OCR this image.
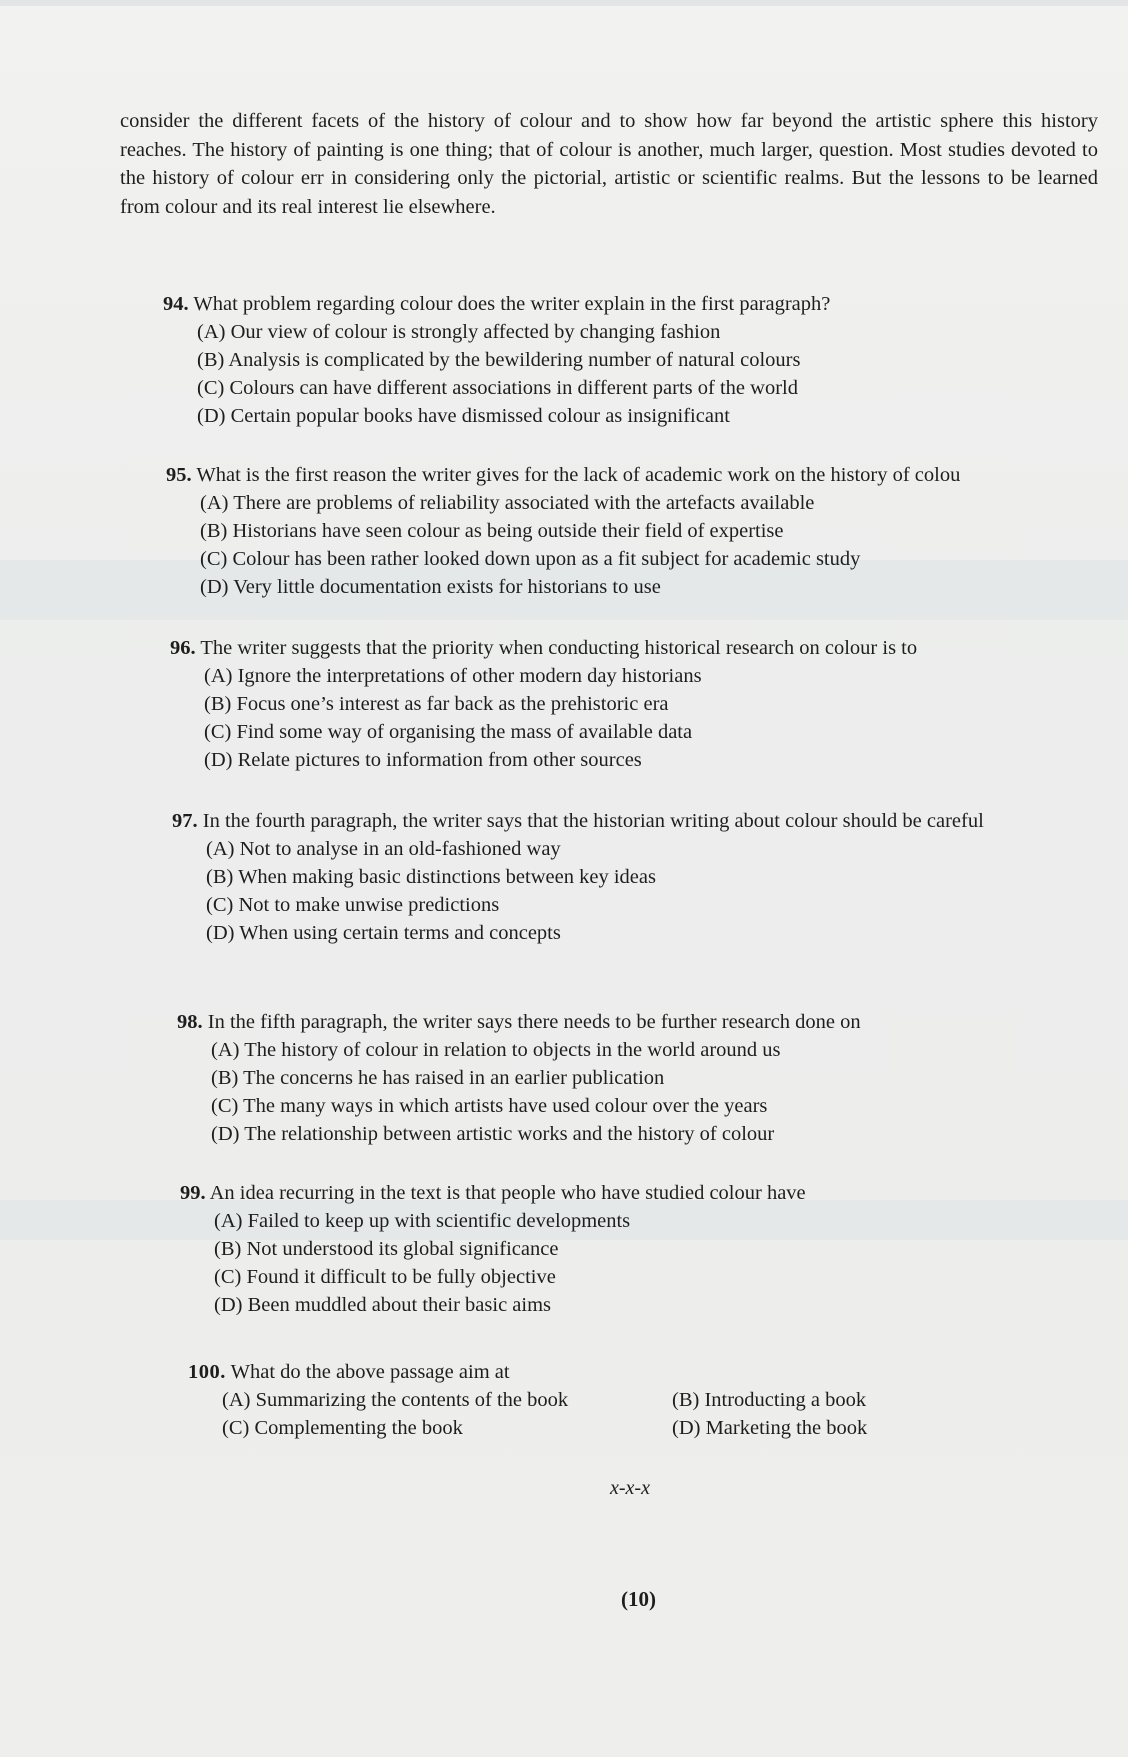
consider the different facets of the history of colour and to show how far beyond the artistic sphere this history reaches. The history of painting is one thing; that of colour is another, much larger, question. Most studies devoted to the history of colour err in considering only the pictorial, artistic or scientific realms. But the lessons to be learned from colour and its real interest lie elsewhere.

94. What problem regarding colour does the writer explain in the first paragraph?
(A) Our view of colour is strongly affected by changing fashion
(B) Analysis is complicated by the bewildering number of natural colours
(C) Colours can have different associations in different parts of the world
(D) Certain popular books have dismissed colour as insignificant
95. What is the first reason the writer gives for the lack of academic work on the history of colou
(A) There are problems of reliability associated with the artefacts available
(B) Historians have seen colour as being outside their field of expertise
(C) Colour has been rather looked down upon as a fit subject for academic study
(D) Very little documentation exists for historians to use
96. The writer suggests that the priority when conducting historical research on colour is to
(A) Ignore the interpretations of other modern day historians
(B) Focus one’s interest as far back as the prehistoric era
(C) Find some way of organising the mass of available data
(D) Relate pictures to information from other sources
97. In the fourth paragraph, the writer says that the historian writing about colour should be careful
(A) Not to analyse in an old-fashioned way
(B) When making basic distinctions between key ideas
(C) Not to make unwise predictions
(D) When using certain terms and concepts
98. In the fifth paragraph, the writer says there needs to be further research done on
(A) The history of colour in relation to objects in the world around us
(B) The concerns he has raised in an earlier publication
(C) The many ways in which artists have used colour over the years
(D) The relationship between artistic works and the history of colour
99. An idea recurring in the text is that people who have studied colour have
(A) Failed to keep up with scientific developments
(B) Not understood its global significance
(C) Found it difficult to be fully objective
(D) Been muddled about their basic aims
100. What do the above passage aim at
(A) Summarizing the contents of the book	(B) Introducting a book
(C) Complementing the book	(D) Marketing the book
x-x-x
(10)
